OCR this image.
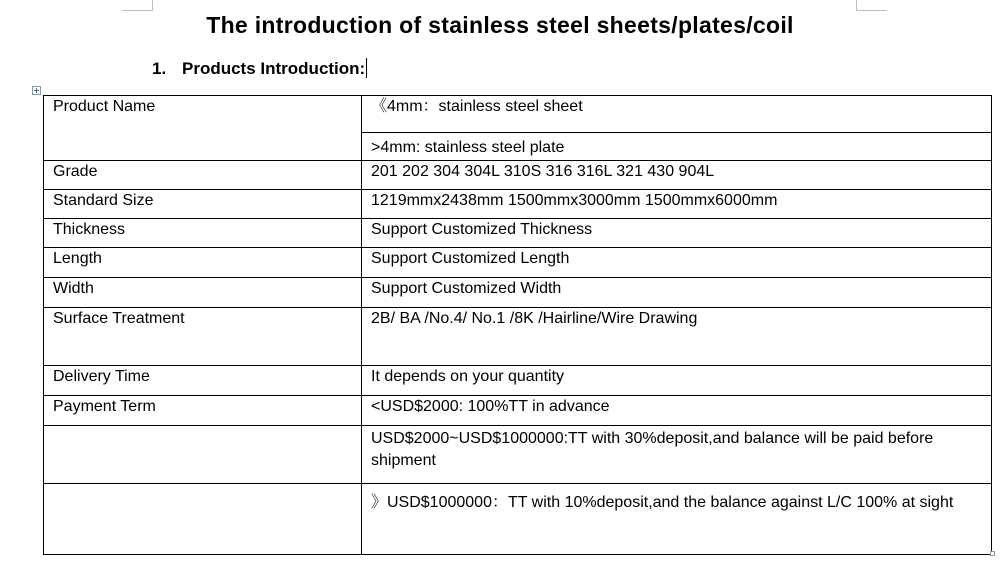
The introduction of stainless steel sheets/plates/coil

1. Products Introduction:

Product Name	《4mm：stainless steel sheet
	>4mm: stainless steel plate
Grade	201 202 304 304L 310S 316 316L 321 430 904L
Standard Size	1219mmx2438mm 1500mmx3000mm 1500mmx6000mm
Thickness	Support Customized Thickness
Length	Support Customized Length
Width	Support Customized Width
Surface Treatment	2B/ BA /No.4/ No.1 /8K /Hairline/Wire Drawing
Delivery Time	It depends on your quantity
Payment Term	<USD$2000: 100%TT in advance
	USD$2000~USD$1000000:TT with 30%deposit,and balance will be paid before shipment
	》USD$1000000：TT with 10%deposit,and the balance against L/C 100% at sight
